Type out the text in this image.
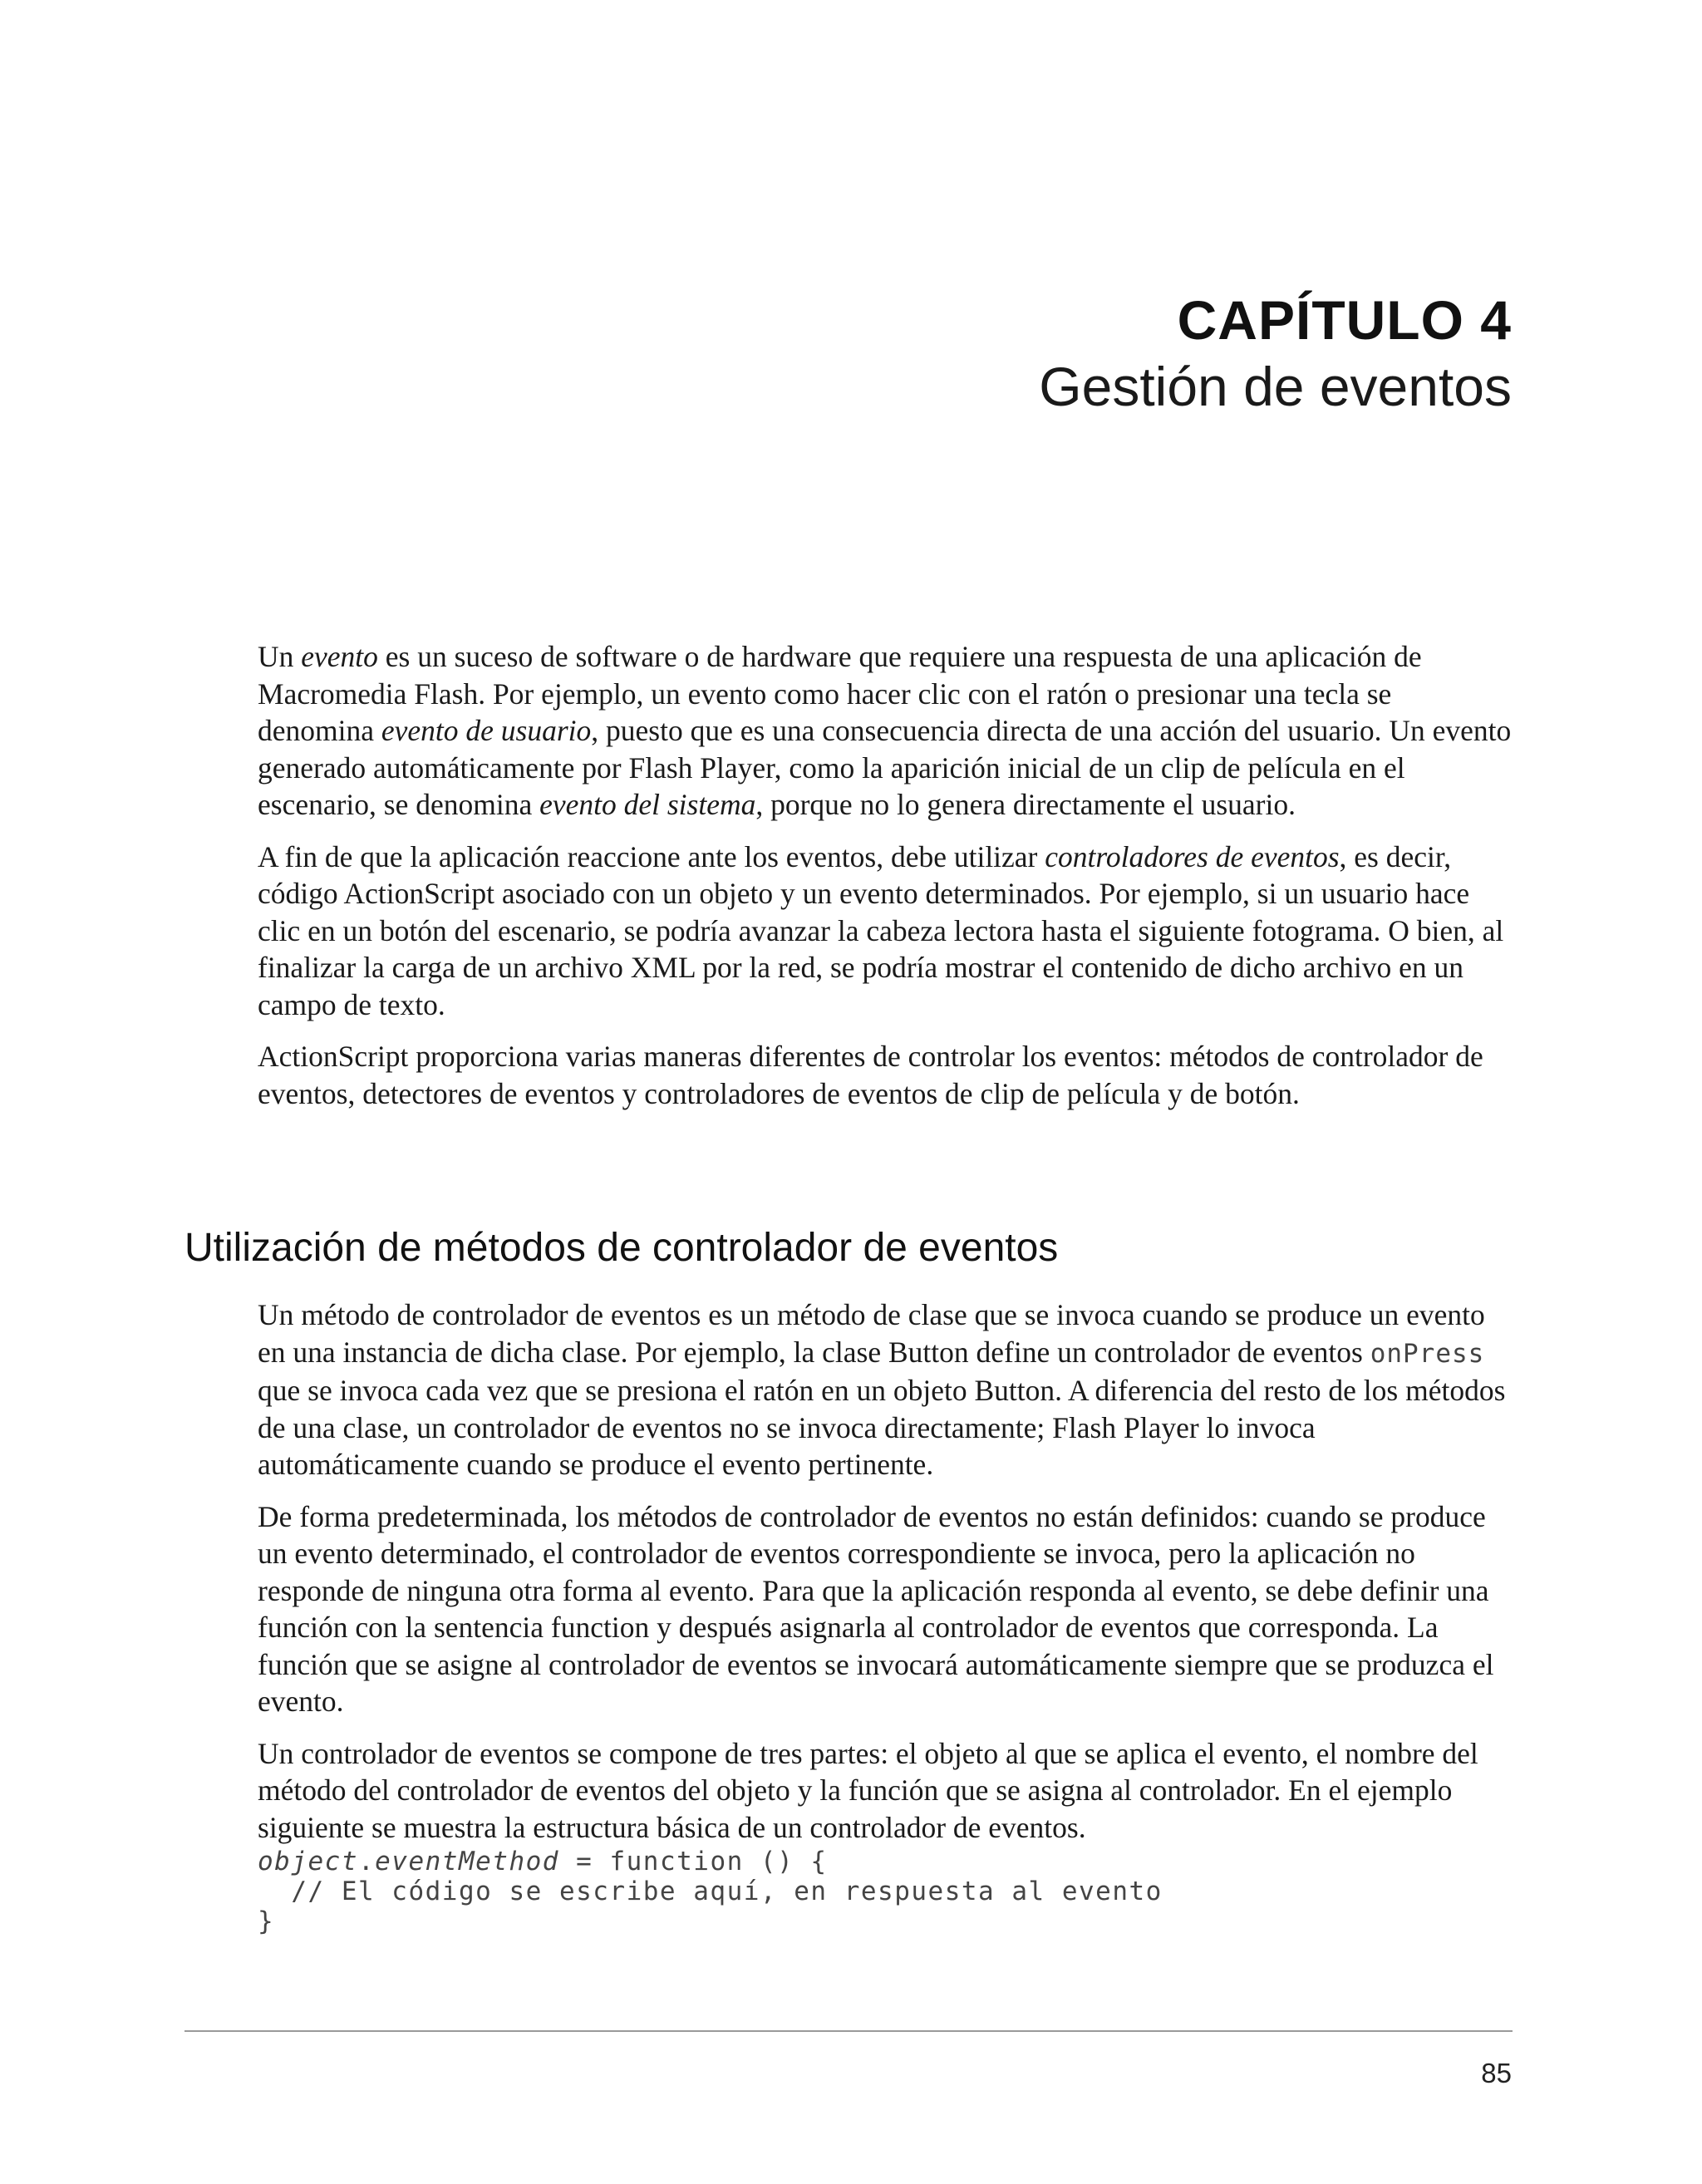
CAPÍTULO 4
Gestión de eventos

Un evento es un suceso de software o de hardware que requiere una respuesta de una aplicación de Macromedia Flash. Por ejemplo, un evento como hacer clic con el ratón o presionar una tecla se denomina evento de usuario, puesto que es una consecuencia directa de una acción del usuario. Un evento generado automáticamente por Flash Player, como la aparición inicial de un clip de película en el escenario, se denomina evento del sistema, porque no lo genera directamente el usuario.

A fin de que la aplicación reaccione ante los eventos, debe utilizar controladores de eventos, es decir, código ActionScript asociado con un objeto y un evento determinados. Por ejemplo, si un usuario hace clic en un botón del escenario, se podría avanzar la cabeza lectora hasta el siguiente fotograma. O bien, al finalizar la carga de un archivo XML por la red, se podría mostrar el contenido de dicho archivo en un campo de texto.

ActionScript proporciona varias maneras diferentes de controlar los eventos: métodos de controlador de eventos, detectores de eventos y controladores de eventos de clip de película y de botón.

Utilización de métodos de controlador de eventos

Un método de controlador de eventos es un método de clase que se invoca cuando se produce un evento en una instancia de dicha clase. Por ejemplo, la clase Button define un controlador de eventos onPress que se invoca cada vez que se presiona el ratón en un objeto Button. A diferencia del resto de los métodos de una clase, un controlador de eventos no se invoca directamente; Flash Player lo invoca automáticamente cuando se produce el evento pertinente.

De forma predeterminada, los métodos de controlador de eventos no están definidos: cuando se produce un evento determinado, el controlador de eventos correspondiente se invoca, pero la aplicación no responde de ninguna otra forma al evento. Para que la aplicación responda al evento, se debe definir una función con la sentencia function y después asignarla al controlador de eventos que corresponda. La función que se asigne al controlador de eventos se invocará automáticamente siempre que se produzca el evento.

Un controlador de eventos se compone de tres partes: el objeto al que se aplica el evento, el nombre del método del controlador de eventos del objeto y la función que se asigna al controlador. En el ejemplo siguiente se muestra la estructura básica de un controlador de eventos.

object.eventMethod = function () {
// El código se escribe aquí, en respuesta al evento
}
85
